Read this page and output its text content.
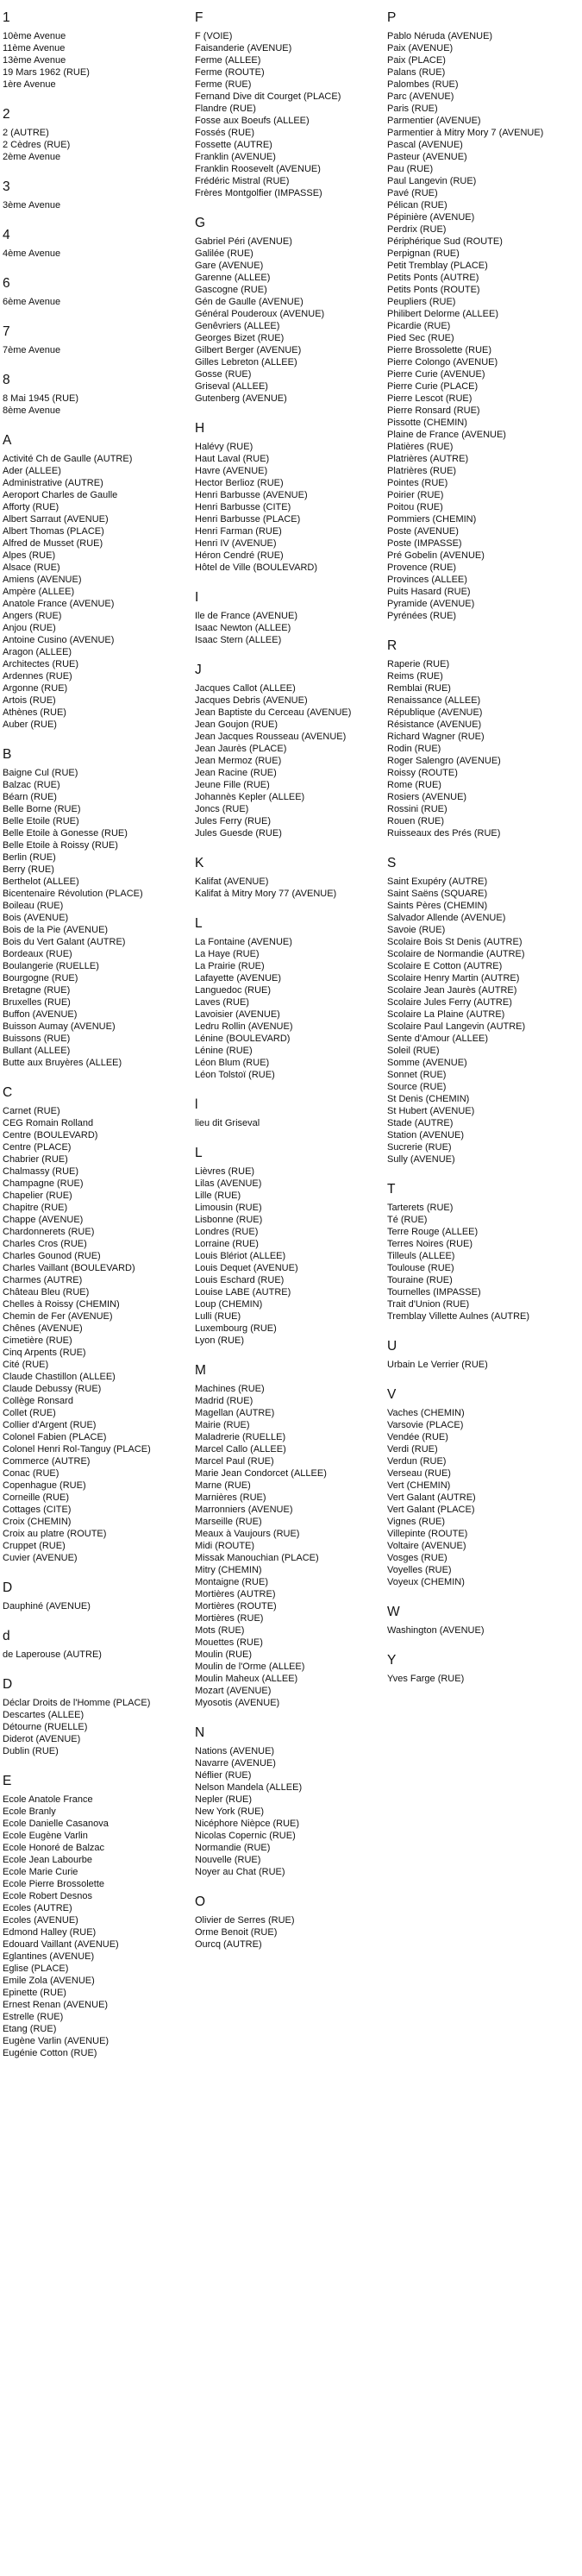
1
10ème Avenue
11ème Avenue
13ème Avenue
19 Mars 1962 (RUE)
1ère Avenue
2
2 (AUTRE)
2 Cèdres (RUE)
2ème Avenue
3
3ème Avenue
4
4ème Avenue
6
6ème Avenue
7
7ème Avenue
8
8 Mai 1945 (RUE)
8ème Avenue
A
Activité Ch de Gaulle (AUTRE)
Ader (ALLEE)
Administrative (AUTRE)
Aeroport Charles de Gaulle
Afforty (RUE)
Albert Sarraut (AVENUE)
Albert Thomas (PLACE)
Alfred de Musset (RUE)
Alpes (RUE)
Alsace (RUE)
Amiens (AVENUE)
Ampère (ALLEE)
Anatole France (AVENUE)
Angers (RUE)
Anjou (RUE)
Antoine Cusino (AVENUE)
Aragon (ALLEE)
Architectes (RUE)
Ardennes (RUE)
Argonne (RUE)
Artois (RUE)
Athènes (RUE)
Auber (RUE)
B
Baigne Cul (RUE)
Balzac (RUE)
Béarn (RUE)
Belle Borne (RUE)
Belle Etoile (RUE)
Belle Etoile à Gonesse (RUE)
Belle Etoile à Roissy (RUE)
Berlin (RUE)
Berry (RUE)
Berthelot (ALLEE)
Bicentenaire Révolution (PLACE)
Boileau (RUE)
Bois (AVENUE)
Bois de la Pie (AVENUE)
Bois du Vert Galant (AUTRE)
Bordeaux (RUE)
Boulangerie (RUELLE)
Bourgogne (RUE)
Bretagne (RUE)
Bruxelles (RUE)
Buffon (AVENUE)
Buisson Aumay (AVENUE)
Buissons (RUE)
Bullant (ALLEE)
Butte aux Bruyères (ALLEE)
C
Carnet (RUE)
CEG Romain Rolland
Centre (BOULEVARD)
Centre (PLACE)
Chabrier (RUE)
Chalmassy (RUE)
Champagne (RUE)
Chapelier (RUE)
Chapitre (RUE)
Chappe (AVENUE)
Chardonnerets (RUE)
Charles Cros (RUE)
Charles Gounod (RUE)
Charles Vaillant (BOULEVARD)
Charmes (AUTRE)
Château Bleu (RUE)
Chelles à Roissy (CHEMIN)
Chemin de Fer (AVENUE)
Chênes (AVENUE)
Cimetière (RUE)
Cinq Arpents (RUE)
Cité (RUE)
Claude Chastillon (ALLEE)
Claude Debussy (RUE)
Collège Ronsard
Collet (RUE)
Collier d'Argent (RUE)
Colonel Fabien (PLACE)
Colonel Henri Rol-Tanguy (PLACE)
Commerce (AUTRE)
Conac (RUE)
Copenhague (RUE)
Corneille (RUE)
Cottages (CITE)
Croix (CHEMIN)
Croix au platre (ROUTE)
Cruppet (RUE)
Cuvier (AVENUE)
D
Dauphiné (AVENUE)
d
de Laperouse (AUTRE)
D
Déclar Droits de l'Homme (PLACE)
Descartes (ALLEE)
Détourne (RUELLE)
Diderot (AVENUE)
Dublin (RUE)
E
Ecole Anatole France
Ecole Branly
Ecole Danielle Casanova
Ecole Eugène Varlin
Ecole Honoré de Balzac
Ecole Jean Labourbe
Ecole Marie Curie
Ecole Pierre Brossolette
Ecole Robert Desnos
Ecoles (AUTRE)
Ecoles (AVENUE)
Edmond Halley (RUE)
Edouard Vaillant (AVENUE)
Eglantines (AVENUE)
Eglise (PLACE)
Emile Zola (AVENUE)
Epinette (RUE)
Ernest Renan (AVENUE)
Estrelle (RUE)
Etang (RUE)
Eugène Varlin (AVENUE)
Eugénie Cotton (RUE)
F
F (VOIE)
Faisanderie (AVENUE)
Ferme (ALLEE)
Ferme (ROUTE)
Ferme (RUE)
Fernand Dive dit Courget (PLACE)
Flandre (RUE)
Fosse aux Boeufs (ALLEE)
Fossés (RUE)
Fossette (AUTRE)
Franklin (AVENUE)
Franklin Roosevelt (AVENUE)
Frédéric Mistral (RUE)
Frères Montgolfier (IMPASSE)
G
Gabriel Péri (AVENUE)
Galilée (RUE)
Gare (AVENUE)
Garenne (ALLEE)
Gascogne (RUE)
Gén de Gaulle (AVENUE)
Général Pouderoux (AVENUE)
Genêvriers (ALLEE)
Georges Bizet (RUE)
Gilbert Berger (AVENUE)
Gilles Lebreton (ALLEE)
Gosse (RUE)
Griseval (ALLEE)
Gutenberg (AVENUE)
H
Halévy (RUE)
Haut Laval (RUE)
Havre (AVENUE)
Hector Berlioz (RUE)
Henri Barbusse (AVENUE)
Henri Barbusse (CITE)
Henri Barbusse (PLACE)
Henri Farman (RUE)
Henri IV (AVENUE)
Héron Cendré (RUE)
Hôtel de Ville (BOULEVARD)
I
Ile de France (AVENUE)
Isaac Newton (ALLEE)
Isaac Stern (ALLEE)
J
Jacques Callot (ALLEE)
Jacques Debris (AVENUE)
Jean Baptiste du Cerceau (AVENUE)
Jean Goujon (RUE)
Jean Jacques Rousseau (AVENUE)
Jean Jaurès (PLACE)
Jean Mermoz (RUE)
Jean Racine (RUE)
Jeune Fille (RUE)
Johannès Kepler (ALLEE)
Joncs (RUE)
Jules Ferry (RUE)
Jules Guesde (RUE)
K
Kalifat (AVENUE)
Kalifat à Mitry Mory 77 (AVENUE)
L
La Fontaine (AVENUE)
La Haye (RUE)
La Prairie (RUE)
Lafayette (AVENUE)
Languedoc (RUE)
Laves (RUE)
Lavoisier (AVENUE)
Ledru Rollin (AVENUE)
Lénine (BOULEVARD)
Lénine (RUE)
Léon Blum (RUE)
Léon Tolstoï (RUE)
l
lieu dit Griseval
L
Lièvres (RUE)
Lilas (AVENUE)
Lille (RUE)
Limousin (RUE)
Lisbonne (RUE)
Londres (RUE)
Lorraine (RUE)
Louis Blériot (ALLEE)
Louis Dequet (AVENUE)
Louis Eschard (RUE)
Louise LABE (AUTRE)
Loup (CHEMIN)
Lulli (RUE)
Luxembourg (RUE)
Lyon (RUE)
M
Machines (RUE)
Madrid (RUE)
Magellan (AUTRE)
Mairie (RUE)
Maladrerie (RUELLE)
Marcel Callo (ALLEE)
Marcel Paul (RUE)
Marie Jean Condorcet (ALLEE)
Marne (RUE)
Marnières (RUE)
Marronniers (AVENUE)
Marseille (RUE)
Meaux à Vaujours (RUE)
Midi (ROUTE)
Missak Manouchian (PLACE)
Mitry (CHEMIN)
Montaigne (RUE)
Mortières (AUTRE)
Mortières (ROUTE)
Mortières (RUE)
Mots (RUE)
Mouettes (RUE)
Moulin (RUE)
Moulin de l'Orme (ALLEE)
Moulin Maheux (ALLEE)
Mozart (AVENUE)
Myosotis (AVENUE)
N
Nations (AVENUE)
Navarre (AVENUE)
Néflier (RUE)
Nelson Mandela (ALLEE)
Nepler (RUE)
New York (RUE)
Nicéphore Nièpce (RUE)
Nicolas Copernic (RUE)
Normandie (RUE)
Nouvelle (RUE)
Noyer au Chat (RUE)
O
Olivier de Serres (RUE)
Orme Benoit (RUE)
Ourcq (AUTRE)
P
Pablo Néruda (AVENUE)
Paix (AVENUE)
Paix (PLACE)
Palans (RUE)
Palombes (RUE)
Parc (AVENUE)
Paris (RUE)
Parmentier (AVENUE)
Parmentier à Mitry Mory 7 (AVENUE)
Pascal (AVENUE)
Pasteur (AVENUE)
Pau (RUE)
Paul Langevin (RUE)
Pavé (RUE)
Pélican (RUE)
Pépinière (AVENUE)
Perdrix (RUE)
Périphérique Sud (ROUTE)
Perpignan (RUE)
Petit Tremblay (PLACE)
Petits Ponts (AUTRE)
Petits Ponts (ROUTE)
Peupliers (RUE)
Philibert Delorme (ALLEE)
Picardie (RUE)
Pied Sec (RUE)
Pierre Brossolette (RUE)
Pierre Colongo (AVENUE)
Pierre Curie (AVENUE)
Pierre Curie (PLACE)
Pierre Lescot (RUE)
Pierre Ronsard (RUE)
Pissotte (CHEMIN)
Plaine de France (AVENUE)
Platières (RUE)
Platrières (AUTRE)
Platrières (RUE)
Pointes (RUE)
Poirier (RUE)
Poitou (RUE)
Pommiers (CHEMIN)
Poste (AVENUE)
Poste (IMPASSE)
Pré Gobelin (AVENUE)
Provence (RUE)
Provinces (ALLEE)
Puits Hasard (RUE)
Pyramide (AVENUE)
Pyrénées (RUE)
R
Raperie (RUE)
Reims (RUE)
Remblai (RUE)
Renaissance (ALLEE)
République (AVENUE)
Résistance (AVENUE)
Richard Wagner (RUE)
Rodin (RUE)
Roger Salengro (AVENUE)
Roissy (ROUTE)
Rome (RUE)
Rosiers (AVENUE)
Rossini (RUE)
Rouen (RUE)
Ruisseaux des Prés (RUE)
S
Saint Exupéry (AUTRE)
Saint Saëns (SQUARE)
Saints Pères (CHEMIN)
Salvador Allende (AVENUE)
Savoie (RUE)
Scolaire Bois St Denis (AUTRE)
Scolaire de Normandie (AUTRE)
Scolaire E Cotton (AUTRE)
Scolaire Henry Martin (AUTRE)
Scolaire Jean Jaurès (AUTRE)
Scolaire Jules Ferry (AUTRE)
Scolaire La Plaine (AUTRE)
Scolaire Paul Langevin (AUTRE)
Sente d'Amour (ALLEE)
Soleil (RUE)
Somme (AVENUE)
Sonnet (RUE)
Source (RUE)
St Denis (CHEMIN)
St Hubert (AVENUE)
Stade (AUTRE)
Station (AVENUE)
Sucrerie (RUE)
Sully (AVENUE)
T
Tarterets (RUE)
Té (RUE)
Terre Rouge (ALLEE)
Terres Noires (RUE)
Tilleuls (ALLEE)
Toulouse (RUE)
Touraine (RUE)
Tournelles (IMPASSE)
Trait d'Union (RUE)
Tremblay Villette Aulnes (AUTRE)
U
Urbain Le Verrier (RUE)
V
Vaches (CHEMIN)
Varsovie (PLACE)
Vendée (RUE)
Verdi (RUE)
Verdun (RUE)
Verseau (RUE)
Vert (CHEMIN)
Vert Galant (AUTRE)
Vert Galant (PLACE)
Vignes (RUE)
Villepinte (ROUTE)
Voltaire (AVENUE)
Vosges (RUE)
Voyelles (RUE)
Voyeux (CHEMIN)
W
Washington (AVENUE)
Y
Yves Farge (RUE)
